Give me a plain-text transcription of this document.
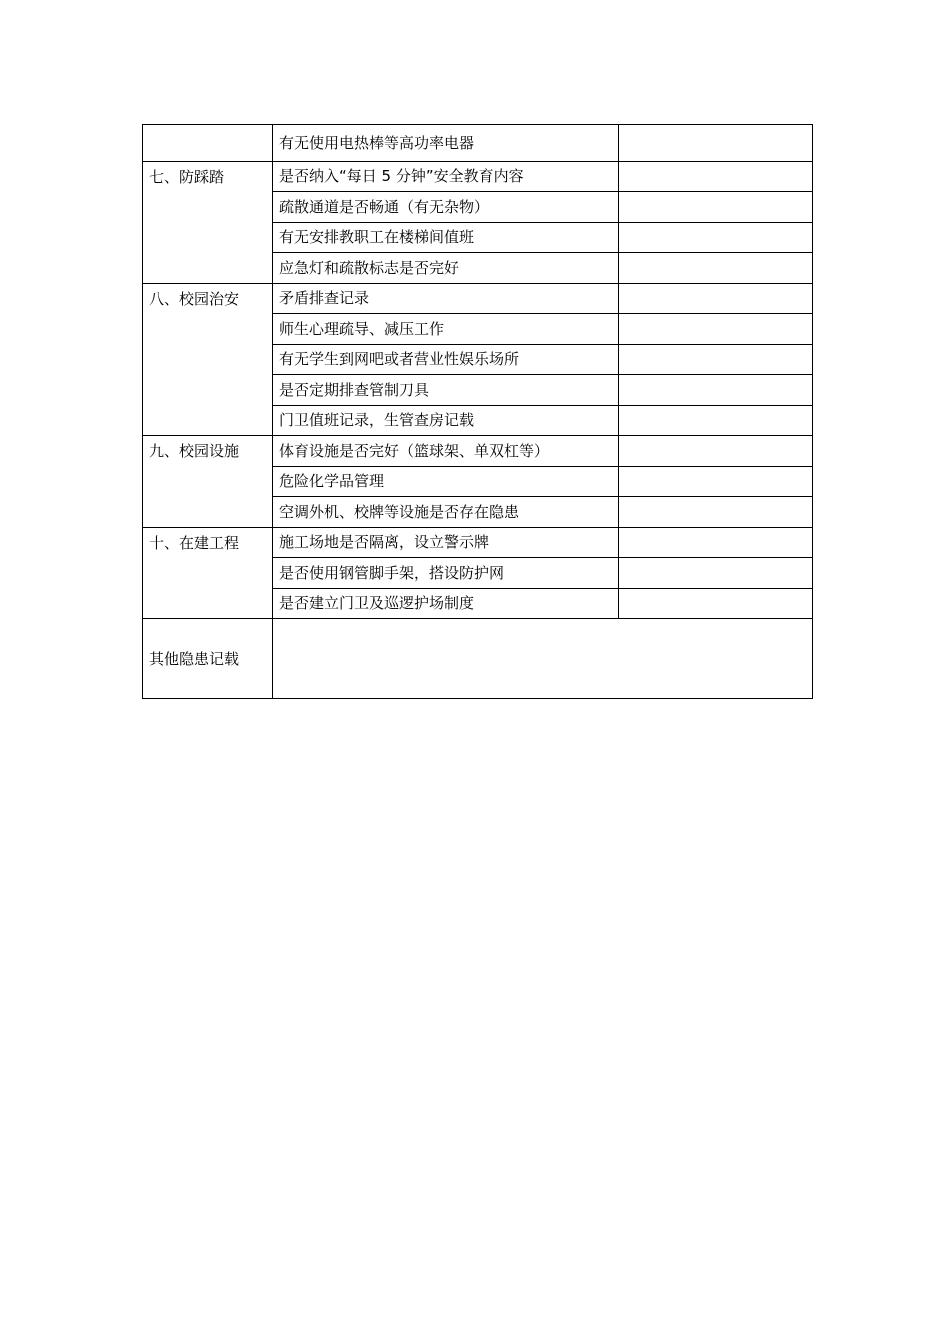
	有无使用电热棒等高功率电器	
七、防踩踏	是否纳入“每日 5 分钟”安全教育内容	
	疏散通道是否畅通（有无杂物）	
	有无安排教职工在楼梯间值班	
	应急灯和疏散标志是否完好	
八、校园治安	矛盾排查记录	
	师生心理疏导、减压工作	
	有无学生到网吧或者营业性娱乐场所	
	是否定期排查管制刀具	
	门卫值班记录，生管查房记载	
九、校园设施	体育设施是否完好（篮球架、单双杠等）	
	危险化学品管理	
	空调外机、校牌等设施是否存在隐患	
十、在建工程	施工场地是否隔离，设立警示牌	
	是否使用钢管脚手架，搭设防护网	
	是否建立门卫及巡逻护场制度	
其他隐患记载		
